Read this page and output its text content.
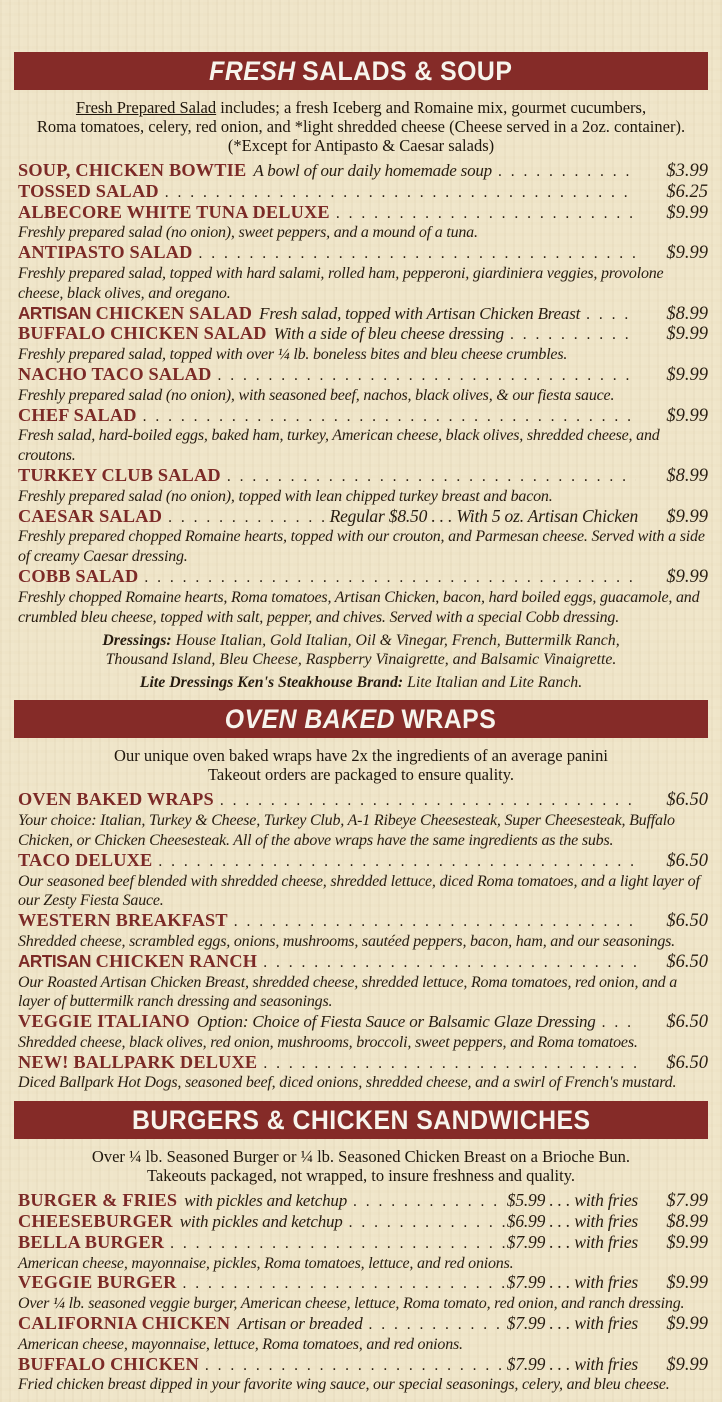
FRESH SALADS & SOUP
Fresh Prepared Salad includes; a fresh Iceberg and Romaine mix, gourmet cucumbers,
Roma tomatoes, celery, red onion, and *light shredded cheese (Cheese served in a 2oz. container).
(*Except for Antipasto & Caesar salads)
SOUP, CHICKEN BOWTIE A bowl of our daily homemade soup . . .	$3.99
TOSSED SALAD . . .	$6.25
ALBECORE WHITE TUNA DELUXE . . .	$9.99
Freshly prepared salad (no onion), sweet peppers, and a mound of a tuna.
ANTIPASTO SALAD . . .	$9.99
Freshly prepared salad, topped with hard salami, rolled ham, pepperoni, giardiniera veggies, provolone cheese, black olives, and oregano.
ARTISAN CHICKEN SALAD Fresh salad, topped with Artisan Chicken Breast . . .	$8.99
BUFFALO CHICKEN SALAD With a side of bleu cheese dressing . . .	$9.99
Freshly prepared salad, topped with over ¼ lb. boneless bites and bleu cheese crumbles.
NACHO TACO SALAD . . .	$9.99
Freshly prepared salad (no onion), with seasoned beef, nachos, black olives, & our fiesta sauce.
CHEF SALAD . . .	$9.99
Fresh salad, hard-boiled eggs, baked ham, turkey, American cheese, black olives, shredded cheese, and croutons.
TURKEY CLUB SALAD . . .	$8.99
Freshly prepared salad (no onion), topped with lean chipped turkey breast and bacon.
CAESAR SALAD . . .	Regular $8.50 . . . With 5 oz. Artisan Chicken	$9.99
Freshly prepared chopped Romaine hearts, topped with our crouton, and Parmesan cheese. Served with a side of creamy Caesar dressing.
COBB SALAD . . .	$9.99
Freshly chopped Romaine hearts, Roma tomatoes, Artisan Chicken, bacon, hard boiled eggs, guacamole, and crumbled bleu cheese, topped with salt, pepper, and chives. Served with a special Cobb dressing.
Dressings: House Italian, Gold Italian, Oil & Vinegar, French, Buttermilk Ranch,
Thousand Island, Bleu Cheese, Raspberry Vinaigrette, and Balsamic Vinaigrette.
Lite Dressings Ken's Steakhouse Brand: Lite Italian and Lite Ranch.
OVEN BAKED WRAPS
Our unique oven baked wraps have 2x the ingredients of an average panini
Takeout orders are packaged to ensure quality.
OVEN BAKED WRAPS . . .	$6.50
Your choice: Italian, Turkey & Cheese, Turkey Club, A-1 Ribeye Cheesesteak, Super Cheesesteak, Buffalo Chicken, or Chicken Cheesesteak. All of the above wraps have the same ingredients as the subs.
TACO DELUXE . . .	$6.50
Our seasoned beef blended with shredded cheese, shredded lettuce, diced Roma tomatoes, and a light layer of our Zesty Fiesta Sauce.
WESTERN BREAKFAST . . .	$6.50
Shredded cheese, scrambled eggs, onions, mushrooms, sautéed peppers, bacon, ham, and our seasonings.
ARTISAN CHICKEN RANCH . . .	$6.50
Our Roasted Artisan Chicken Breast, shredded cheese, shredded lettuce, Roma tomatoes, red onion, and a layer of buttermilk ranch dressing and seasonings.
VEGGIE ITALIANO Option: Choice of Fiesta Sauce or Balsamic Glaze Dressing . . .	$6.50
Shredded cheese, black olives, red onion, mushrooms, broccoli, sweet peppers, and Roma tomatoes.
NEW! BALLPARK DELUXE . . .	$6.50
Diced Ballpark Hot Dogs, seasoned beef, diced onions, shredded cheese, and a swirl of French's mustard.
BURGERS & CHICKEN SANDWICHES
Over ¼ lb. Seasoned Burger or ¼ lb. Seasoned Chicken Breast on a Brioche Bun.
Takeouts packaged, not wrapped, to insure freshness and quality.
BURGER & FRIES with pickles and ketchup . . .	$5.99 . . . with fries	$7.99
CHEESEBURGER with pickles and ketchup . . .	$6.99 . . . with fries	$8.99
BELLA BURGER . . .	$7.99 . . . with fries	$9.99
American cheese, mayonnaise, pickles, Roma tomatoes, lettuce, and red onions.
VEGGIE BURGER . . .	$7.99 . . . with fries	$9.99
Over ¼ lb. seasoned veggie burger, American cheese, lettuce, Roma tomato, red onion, and ranch dressing.
CALIFORNIA CHICKEN Artisan or breaded . . .	$7.99 . . . with fries	$9.99
American cheese, mayonnaise, lettuce, Roma tomatoes, and red onions.
BUFFALO CHICKEN . . .	$7.99 . . . with fries	$9.99
Fried chicken breast dipped in your favorite wing sauce, our special seasonings, celery, and bleu cheese.
